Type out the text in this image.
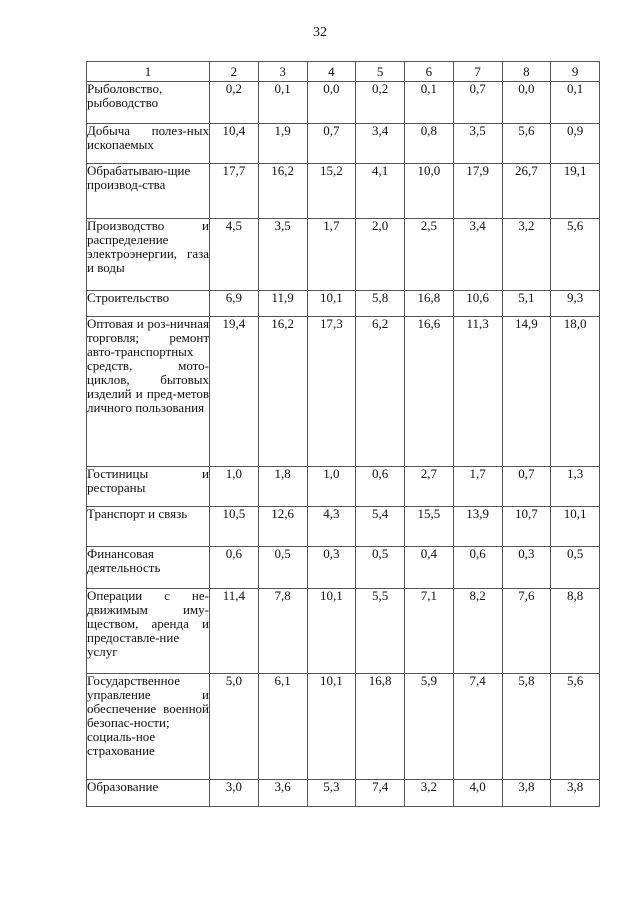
32
1	2	3	4	5	6	7	8	9
Рыболовство, рыбоводство	0,2	0,1	0,0	0,2	0,1	0,7	0,0	0,1
Добыча полез-ных ископаемых	10,4	1,9	0,7	3,4	0,8	3,5	5,6	0,9
Обрабатываю-щие производ-ства	17,7	16,2	15,2	4,1	10,0	17,9	26,7	19,1
Производство и распределение электроэнергии, газа и воды	4,5	3,5	1,7	2,0	2,5	3,4	3,2	5,6
Строительство	6,9	11,9	10,1	5,8	16,8	10,6	5,1	9,3
Оптовая и роз-ничная торговля; ремонт авто-транспортных средств, мото-циклов, бытовых изделий и пред-метов личного пользования	19,4	16,2	17,3	6,2	16,6	11,3	14,9	18,0
Гостиницы и рестораны	1,0	1,8	1,0	0,6	2,7	1,7	0,7	1,3
Транспорт и связь	10,5	12,6	4,3	5,4	15,5	13,9	10,7	10,1
Финансовая деятельность	0,6	0,5	0,3	0,5	0,4	0,6	0,3	0,5
Операции с не-движимым иму-ществом, аренда и предоставле-ние услуг	11,4	7,8	10,1	5,5	7,1	8,2	7,6	8,8
Государственное управление и обеспечение военной безопас-ности; социаль-ное страхование	5,0	6,1	10,1	16,8	5,9	7,4	5,8	5,6
Образование	3,0	3,6	5,3	7,4	3,2	4,0	3,8	3,8
